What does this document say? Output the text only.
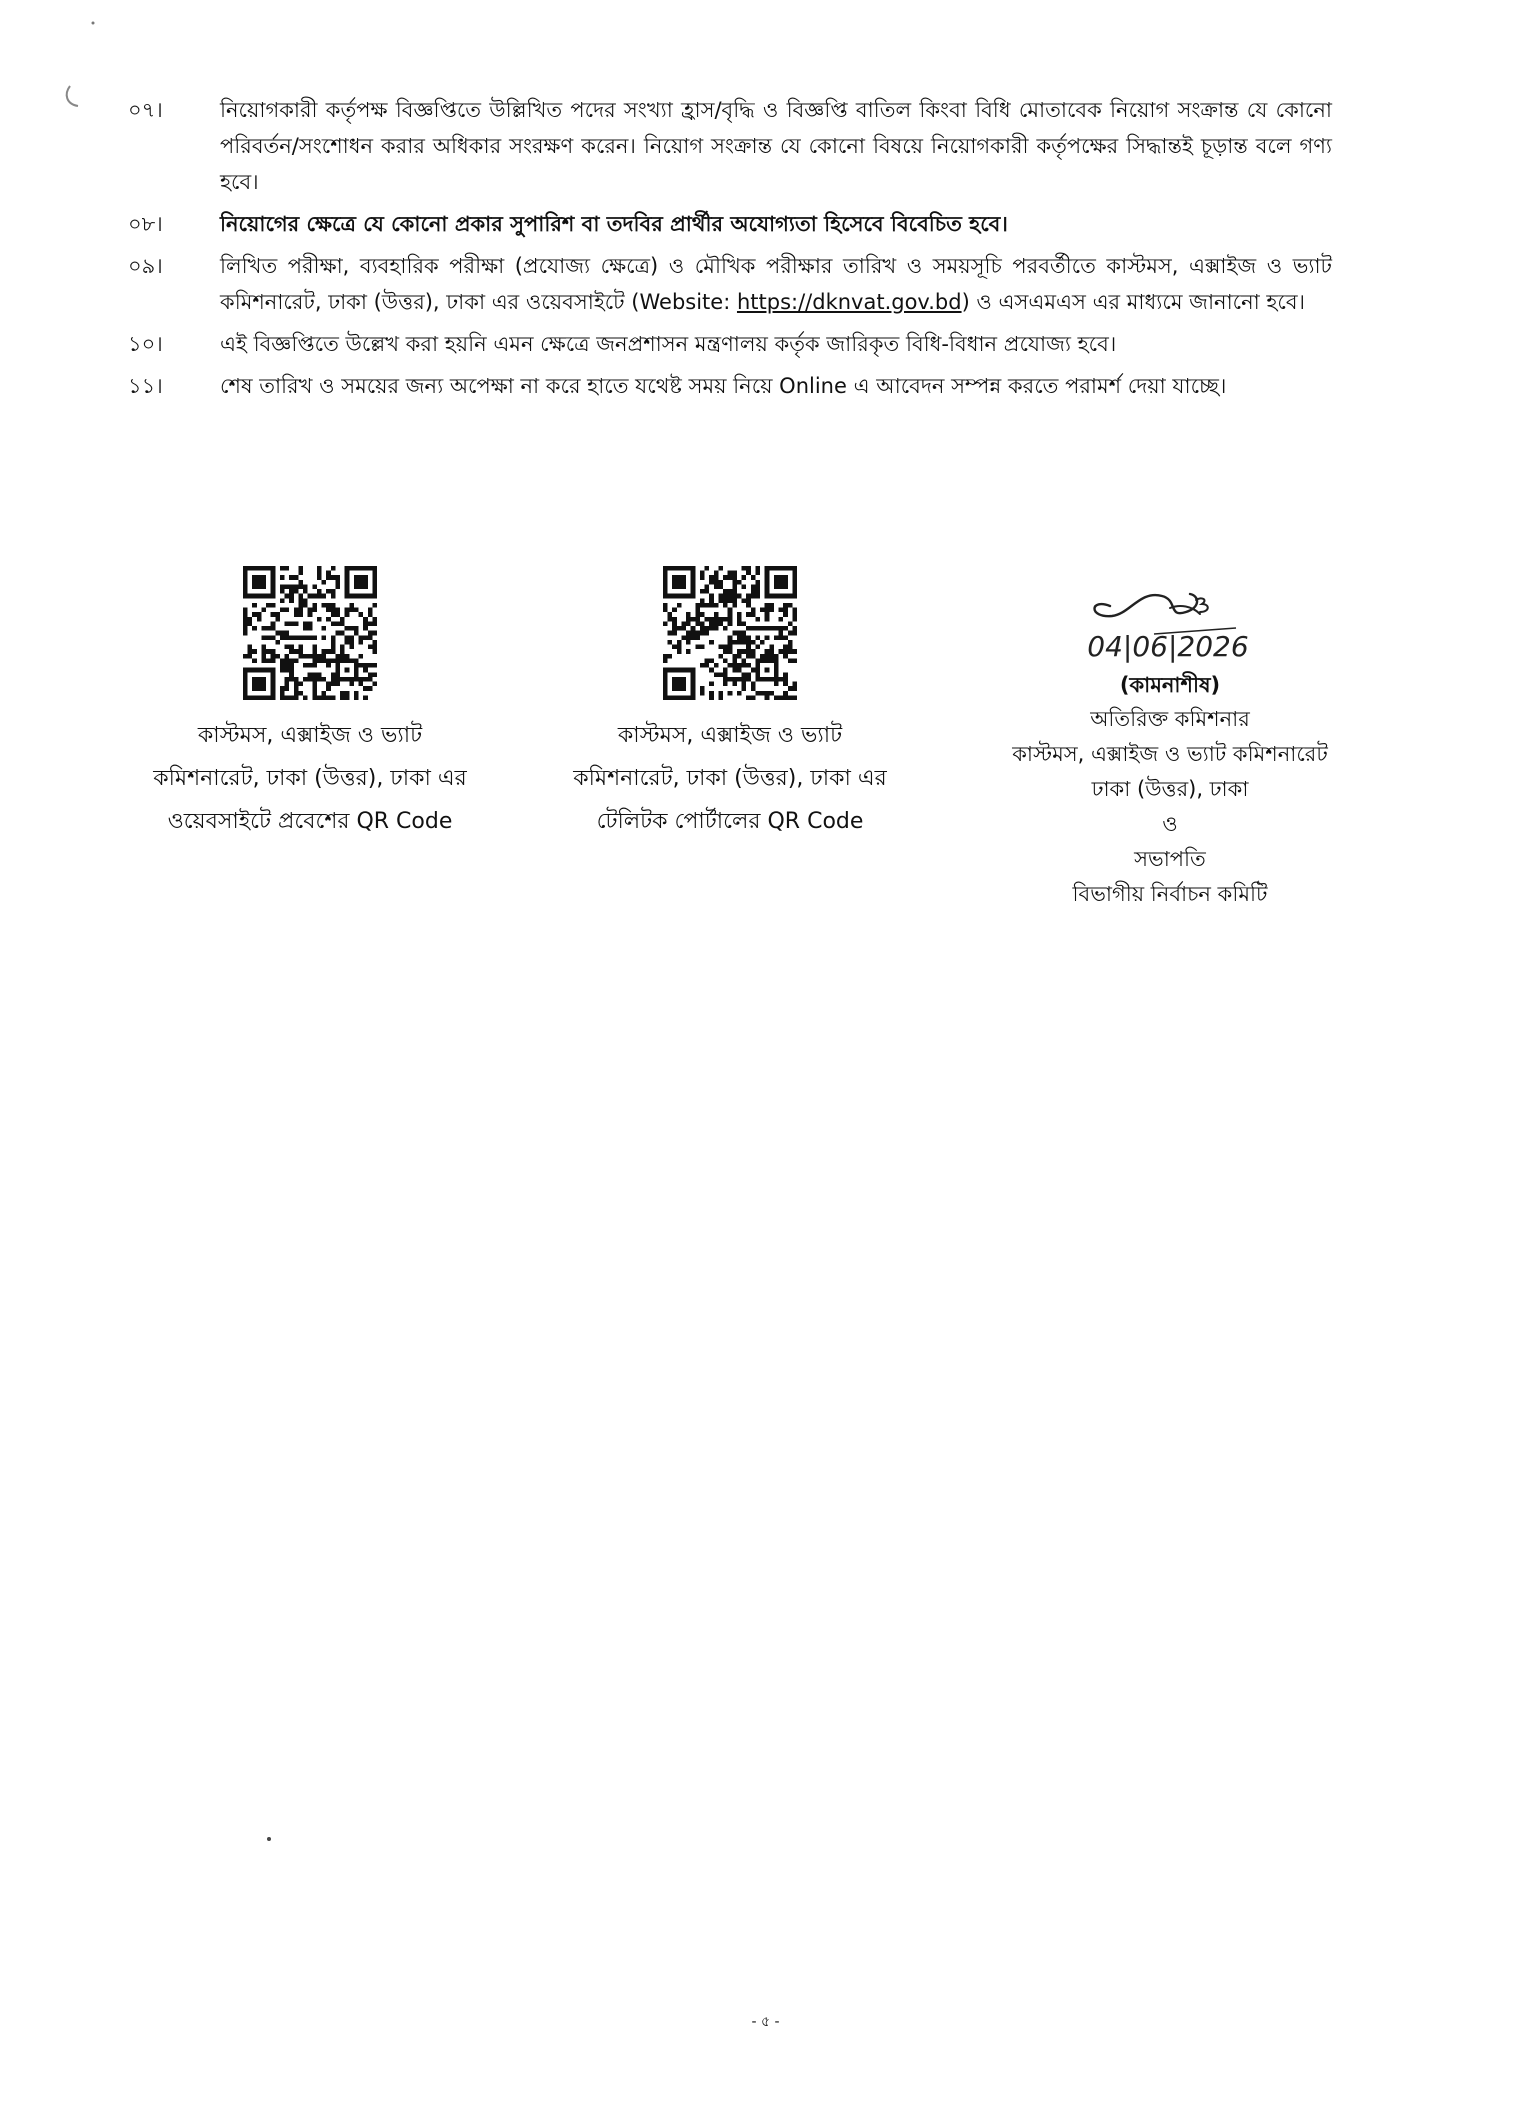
০৭।	নিয়োগকারী কর্তৃপক্ষ বিজ্ঞপ্তিতে উল্লিখিত পদের সংখ্যা হ্রাস/বৃদ্ধি ও বিজ্ঞপ্তি বাতিল কিংবা বিধি মোতাবেক নিয়োগ সংক্রান্ত যে কোনো পরিবর্তন/সংশোধন করার অধিকার সংরক্ষণ করেন। নিয়োগ সংক্রান্ত যে কোনো বিষয়ে নিয়োগকারী কর্তৃপক্ষের সিদ্ধান্তই চূড়ান্ত বলে গণ্য হবে।
০৮।	নিয়োগের ক্ষেত্রে যে কোনো প্রকার সুপারিশ বা তদবির প্রার্থীর অযোগ্যতা হিসেবে বিবেচিত হবে।
০৯।	লিখিত পরীক্ষা, ব্যবহারিক পরীক্ষা (প্রযোজ্য ক্ষেত্রে) ও মৌখিক পরীক্ষার তারিখ ও সময়সূচি পরবর্তীতে কাস্টমস, এক্সাইজ ও ভ্যাট কমিশনারেট, ঢাকা (উত্তর), ঢাকা এর ওয়েবসাইটে (Website: https://dknvat.gov.bd) ও এসএমএস এর মাধ্যমে জানানো হবে।
১০।	এই বিজ্ঞপ্তিতে উল্লেখ করা হয়নি এমন ক্ষেত্রে জনপ্রশাসন মন্ত্রণালয় কর্তৃক জারিকৃত বিধি-বিধান প্রযোজ্য হবে।
১১।	শেষ তারিখ ও সময়ের জন্য অপেক্ষা না করে হাতে যথেষ্ট সময় নিয়ে Online এ আবেদন সম্পন্ন করতে পরামর্শ দেয়া যাচ্ছে।
কাস্টমস, এক্সাইজ ও ভ্যাট
কমিশনারেট, ঢাকা (উত্তর), ঢাকা এর
ওয়েবসাইটে প্রবেশের QR Code
কাস্টমস, এক্সাইজ ও ভ্যাট
কমিশনারেট, ঢাকা (উত্তর), ঢাকা এর
টেলিটক পোর্টালের QR Code
04|06|2026
(কামনাশীষ)
অতিরিক্ত কমিশনার
কাস্টমস, এক্সাইজ ও ভ্যাট কমিশনারেট
ঢাকা (উত্তর), ঢাকা
ও
সভাপতি
বিভাগীয় নির্বাচন কমিটি
- ৫ -
